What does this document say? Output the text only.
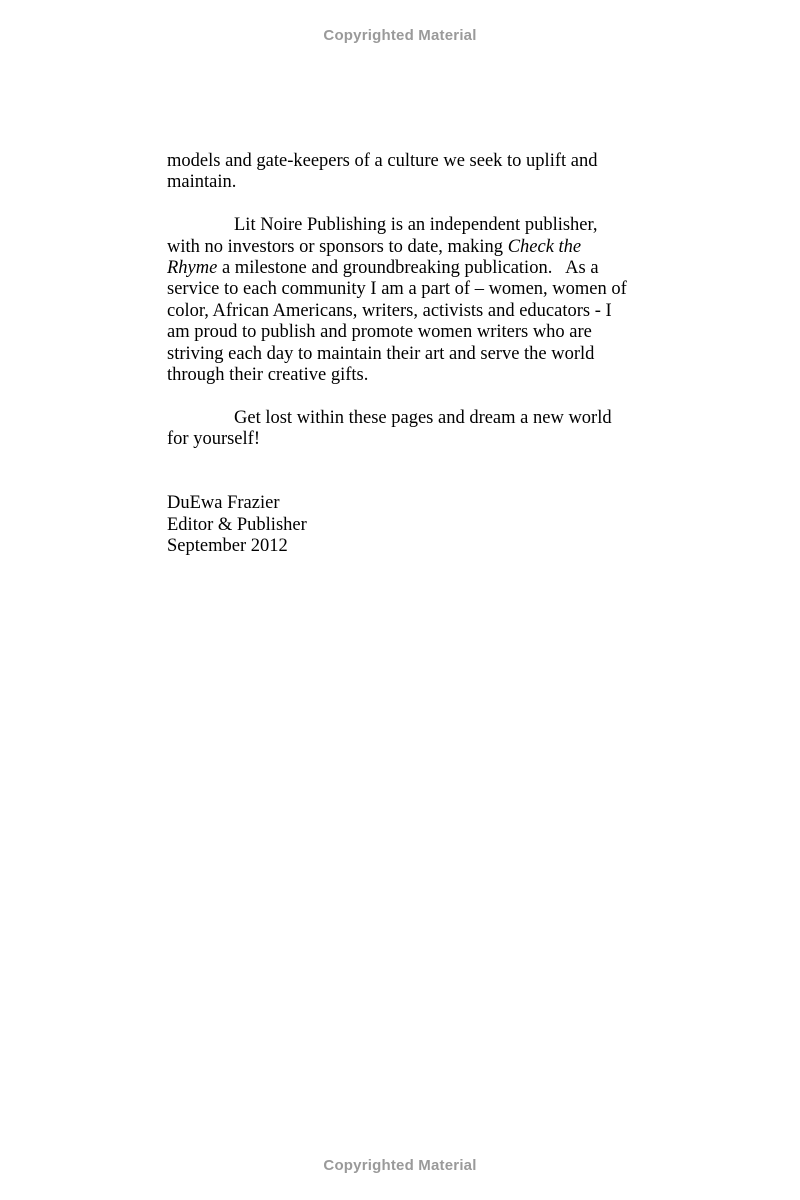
Copyrighted Material

models and gate-keepers of a culture we seek to uplift and
maintain.

Lit Noire Publishing is an independent publisher,
with no investors or sponsors to date, making Check the
Rhyme a milestone and groundbreaking publication.   As a
service to each community I am a part of – women, women of
color, African Americans, writers, activists and educators - I
am proud to publish and promote women writers who are
striving each day to maintain their art and serve the world
through their creative gifts.

Get lost within these pages and dream a new world
for yourself!

DuEwa Frazier
Editor & Publisher
September 2012

Copyrighted Material
